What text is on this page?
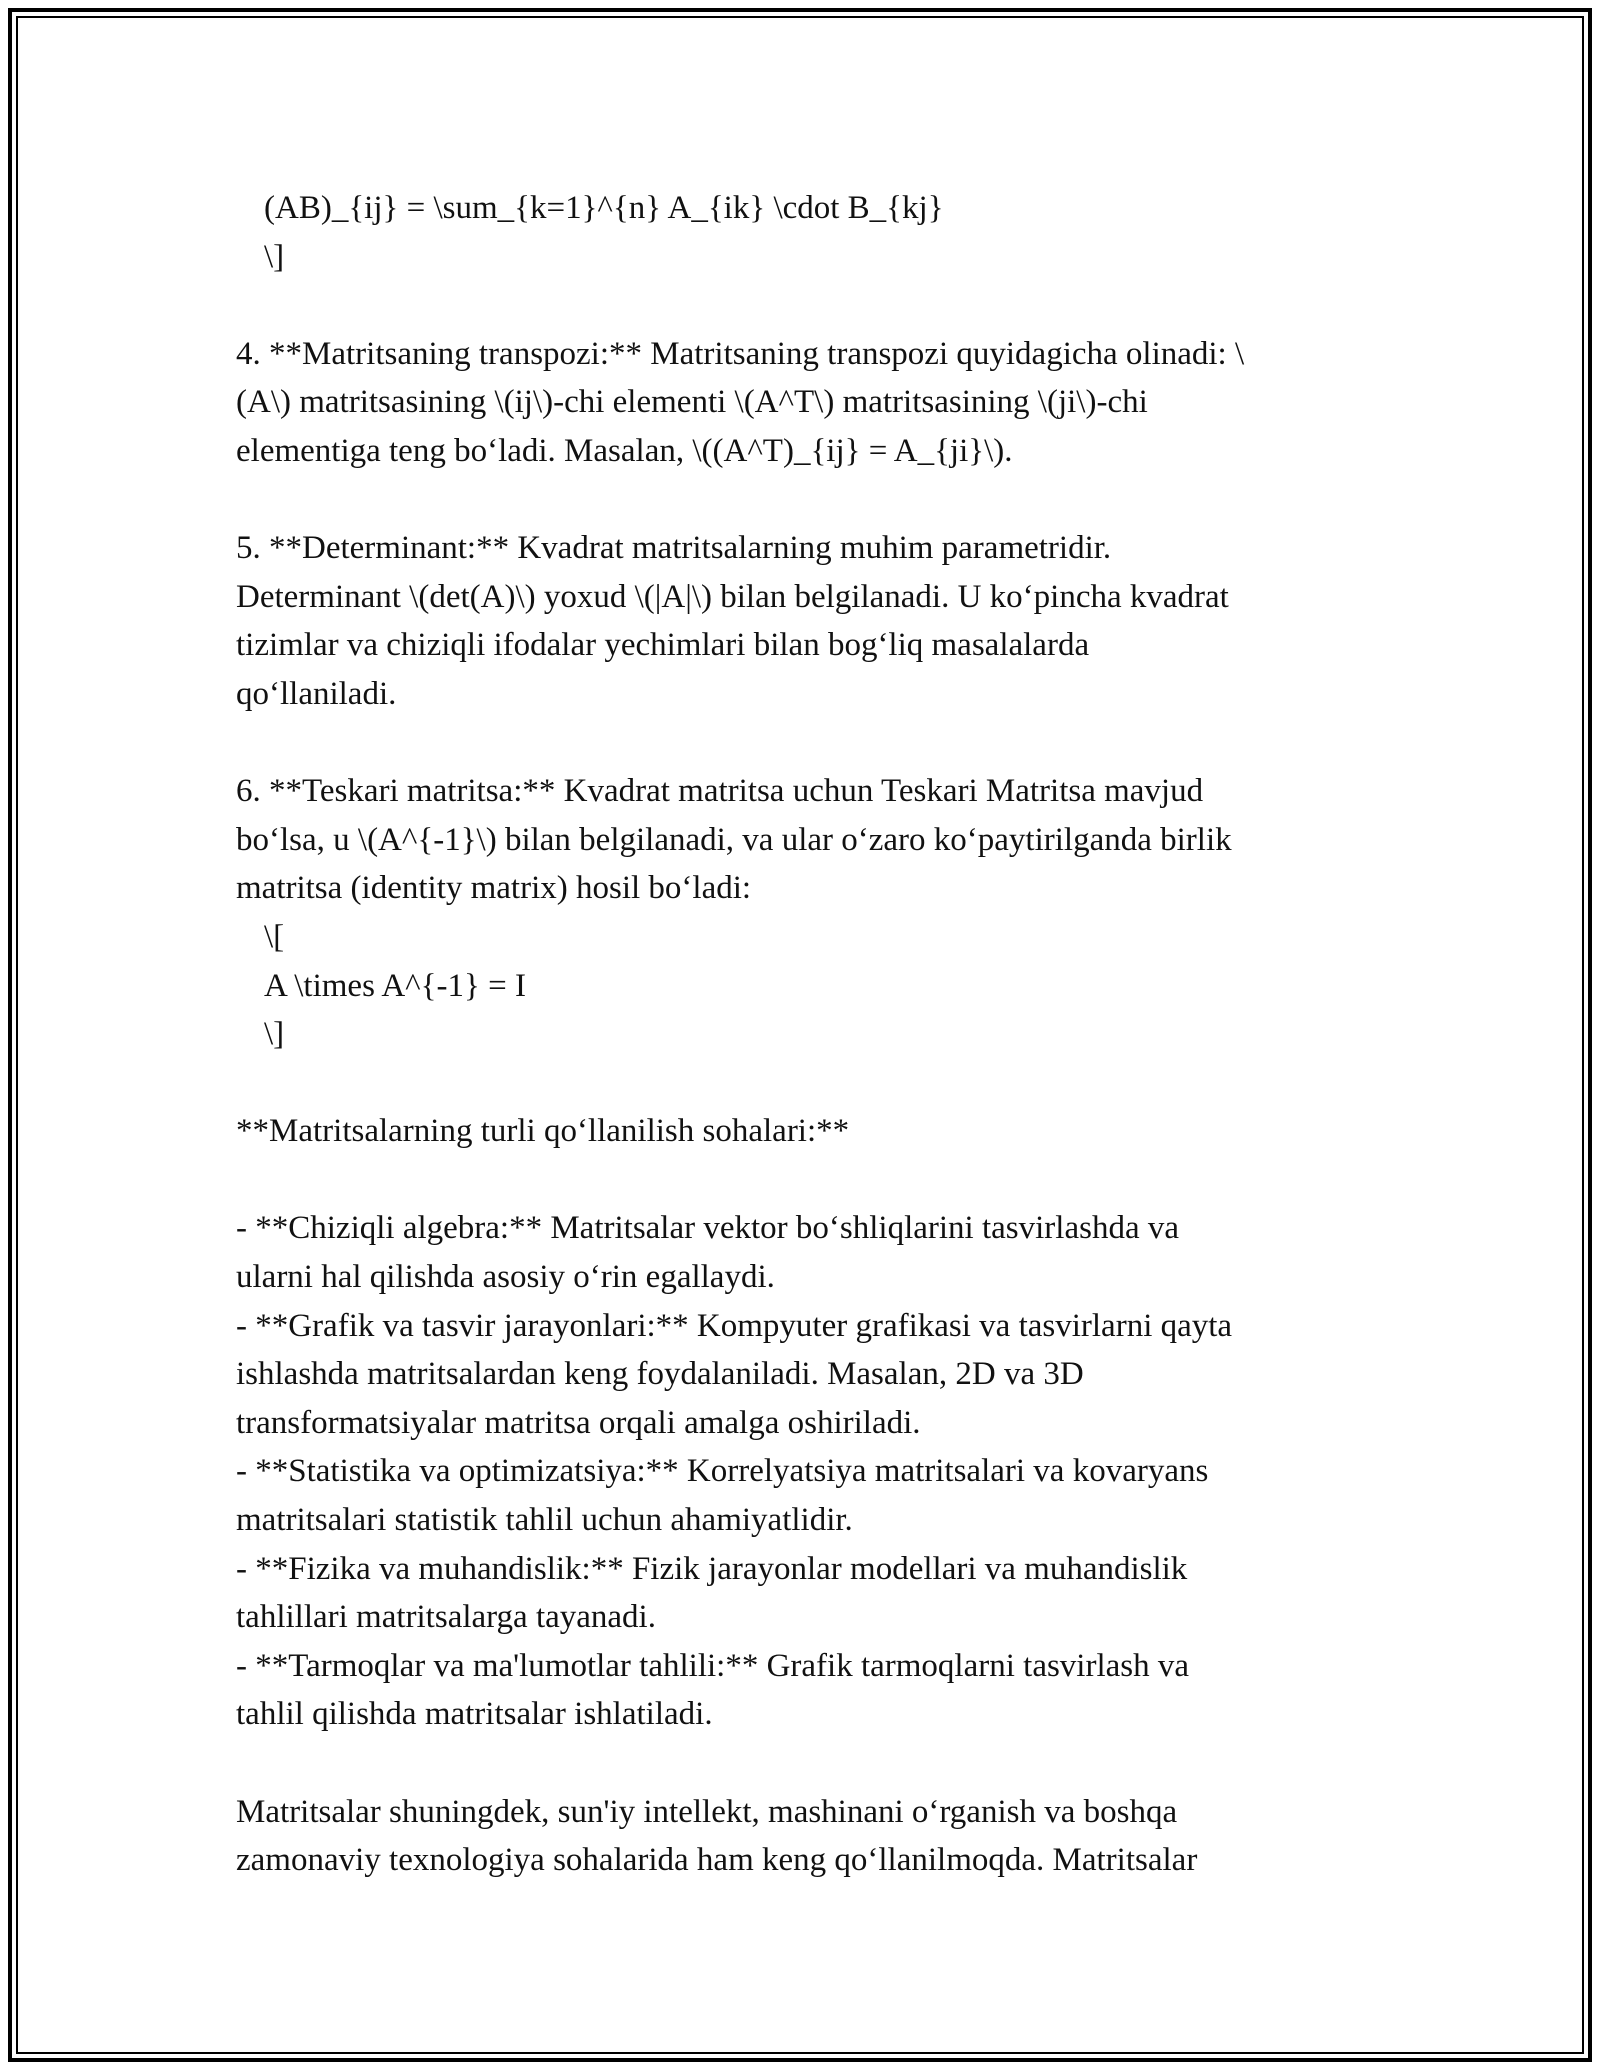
(AB)_{ij} = \sum_{k=1}^{n} A_{ik} \cdot B_{kj}
\]
4. **Matritsaning transpozi:** Matritsaning transpozi quyidagicha olinadi: \
(A\) matritsasining \(ij\)-chi elementi \(A^T\) matritsasining \(ji\)-chi
elementiga teng bo‘ladi. Masalan, \((A^T)_{ij} = A_{ji}\).
5. **Determinant:** Kvadrat matritsalarning muhim parametridir.
Determinant \(det(A)\) yoxud \(|A|\) bilan belgilanadi. U ko‘pincha kvadrat
tizimlar va chiziqli ifodalar yechimlari bilan bog‘liq masalalarda
qo‘llaniladi.
6. **Teskari matritsa:** Kvadrat matritsa uchun Teskari Matritsa mavjud
bo‘lsa, u \(A^{-1}\) bilan belgilanadi, va ular o‘zaro ko‘paytirilganda birlik
matritsa (identity matrix) hosil bo‘ladi:
\[
A \times A^{-1} = I
\]
**Matritsalarning turli qo‘llanilish sohalari:**
- **Chiziqli algebra:** Matritsalar vektor bo‘shliqlarini tasvirlashda va
ularni hal qilishda asosiy o‘rin egallaydi.
- **Grafik va tasvir jarayonlari:** Kompyuter grafikasi va tasvirlarni qayta
ishlashda matritsalardan keng foydalaniladi. Masalan, 2D va 3D
transformatsiyalar matritsa orqali amalga oshiriladi.
- **Statistika va optimizatsiya:** Korrelyatsiya matritsalari va kovaryans
matritsalari statistik tahlil uchun ahamiyatlidir.
- **Fizika va muhandislik:** Fizik jarayonlar modellari va muhandislik
tahlillari matritsalarga tayanadi.
- **Tarmoqlar va ma'lumotlar tahlili:** Grafik tarmoqlarni tasvirlash va
tahlil qilishda matritsalar ishlatiladi.
Matritsalar shuningdek, sun'iy intellekt, mashinani o‘rganish va boshqa
zamonaviy texnologiya sohalarida ham keng qo‘llanilmoqda. Matritsalar
